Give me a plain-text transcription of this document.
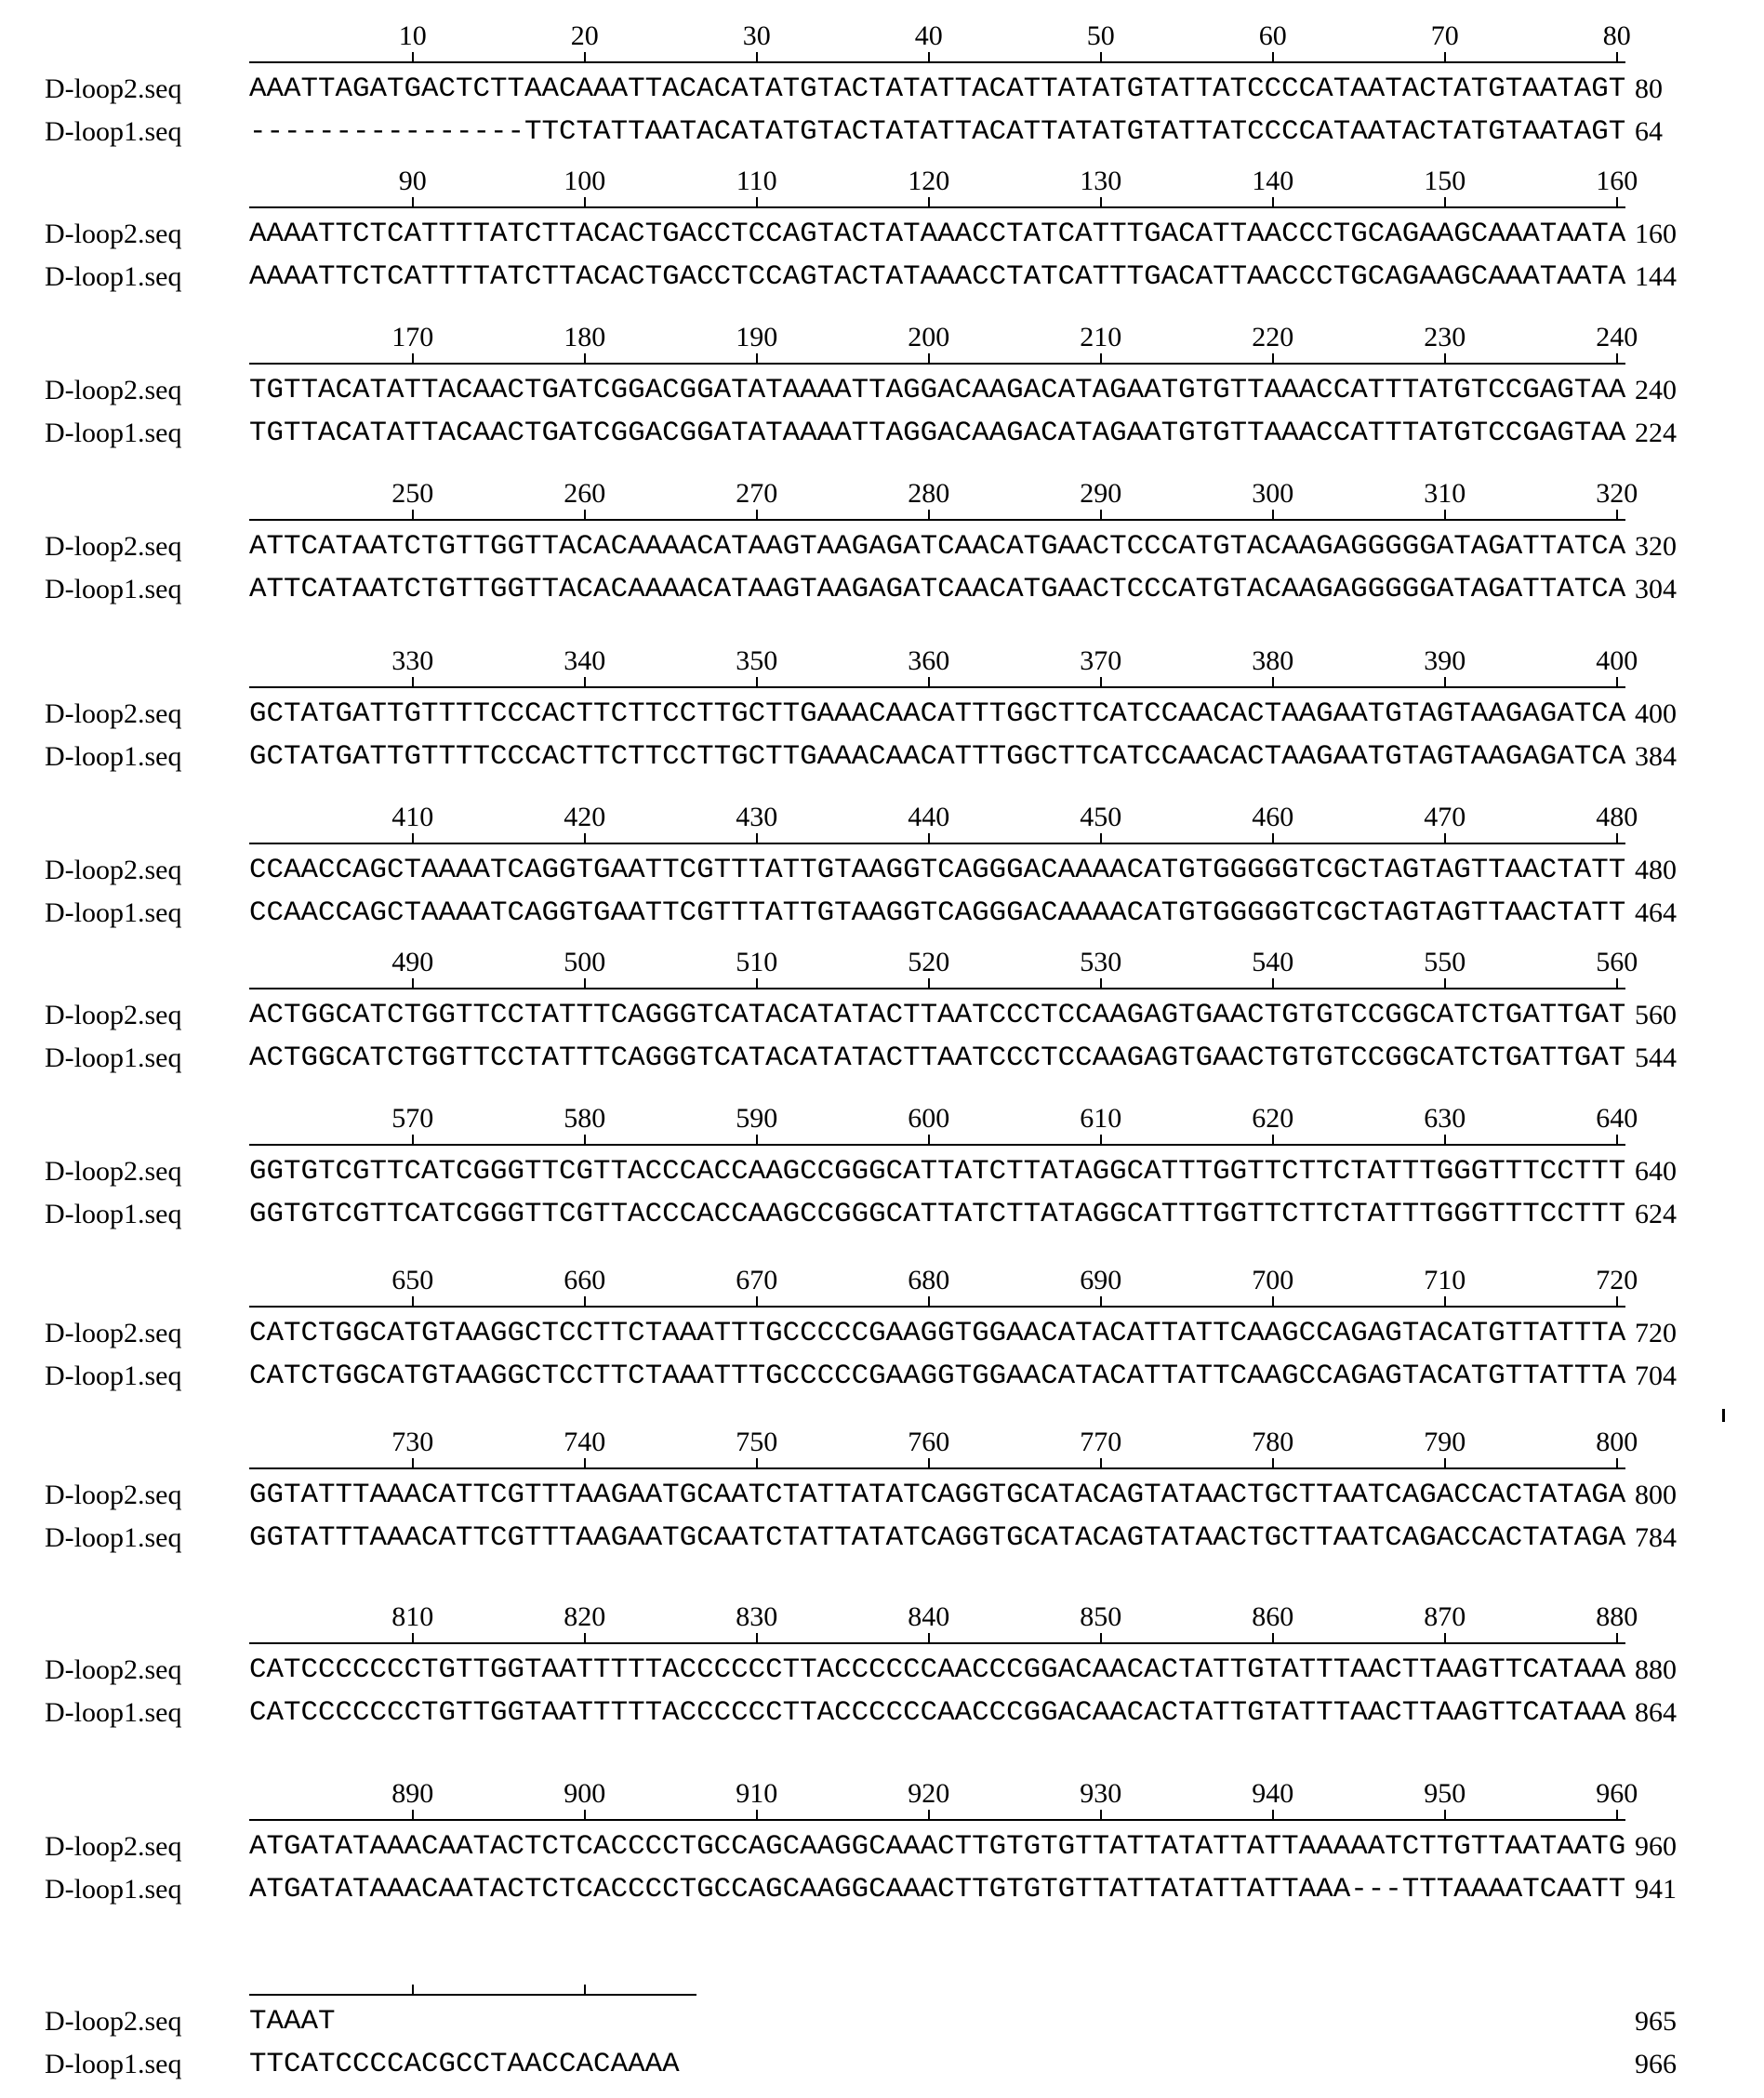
10	20	30	40	50	60	70	80
D-loop2.seq AAATTAGATGACTCTTAACAAATTACACATATGTACTATATTACATTATATGTATTATCCCCATAATACTATGTAATAGT 80
D-loop1.seq ----------------TTCTATTAATACATATGTACTATATTACATTATATGTATTATCCCCATAATACTATGTAATAGT 64
90	100	110	120	130	140	150	160
D-loop2.seq AAAATTCTCATTTTATCTTACACTGACCTCCAGTACTATAAACCTATCATTTGACATTAACCCTGCAGAAGCAAATAATA 160
D-loop1.seq AAAATTCTCATTTTATCTTACACTGACCTCCAGTACTATAAACCTATCATTTGACATTAACCCTGCAGAAGCAAATAATA 144
170	180	190	200	210	220	230	240
D-loop2.seq TGTTACATATTACAACTGATCGGACGGATATAAAATTAGGACAAGACATAGAATGTGTTAAACCATTTATGTCCGAGTAA 240
D-loop1.seq TGTTACATATTACAACTGATCGGACGGATATAAAATTAGGACAAGACATAGAATGTGTTAAACCATTTATGTCCGAGTAA 224
250	260	270	280	290	300	310	320
D-loop2.seq ATTCATAATCTGTTGGTTACACAAAACATAAGTAAGAGATCAACATGAACTCCCATGTACAAGAGGGGGATAGATTATCA 320
D-loop1.seq ATTCATAATCTGTTGGTTACACAAAACATAAGTAAGAGATCAACATGAACTCCCATGTACAAGAGGGGGATAGATTATCA 304
330	340	350	360	370	380	390	400
D-loop2.seq GCTATGATTGTTTTCCCACTTCTTCCTTGCTTGAAACAACATTTGGCTTCATCCAACACTAAGAATGTAGTAAGAGATCA 400
D-loop1.seq GCTATGATTGTTTTCCCACTTCTTCCTTGCTTGAAACAACATTTGGCTTCATCCAACACTAAGAATGTAGTAAGAGATCA 384
410	420	430	440	450	460	470	480
D-loop2.seq CCAACCAGCTAAAATCAGGTGAATTCGTTTATTGTAAGGTCAGGGACAAAACATGTGGGGGTCGCTAGTAGTTAACTATT 480
D-loop1.seq CCAACCAGCTAAAATCAGGTGAATTCGTTTATTGTAAGGTCAGGGACAAAACATGTGGGGGTCGCTAGTAGTTAACTATT 464
490	500	510	520	530	540	550	560
D-loop2.seq ACTGGCATCTGGTTCCTATTTCAGGGTCATACATATACTTAATCCCTCCAAGAGTGAACTGTGTCCGGCATCTGATTGAT 560
D-loop1.seq ACTGGCATCTGGTTCCTATTTCAGGGTCATACATATACTTAATCCCTCCAAGAGTGAACTGTGTCCGGCATCTGATTGAT 544
570	580	590	600	610	620	630	640
D-loop2.seq GGTGTCGTTCATCGGGTTCGTTACCCACCAAGCCGGGCATTATCTTATAGGCATTTGGTTCTTCTATTTGGGTTTCCTTT 640
D-loop1.seq GGTGTCGTTCATCGGGTTCGTTACCCACCAAGCCGGGCATTATCTTATAGGCATTTGGTTCTTCTATTTGGGTTTCCTTT 624
650	660	670	680	690	700	710	720
D-loop2.seq CATCTGGCATGTAAGGCTCCTTCTAAATTTGCCCCCGAAGGTGGAACATACATTATTCAAGCCAGAGTACATGTTATTTA 720
D-loop1.seq CATCTGGCATGTAAGGCTCCTTCTAAATTTGCCCCCGAAGGTGGAACATACATTATTCAAGCCAGAGTACATGTTATTTA 704
730	740	750	760	770	780	790	800
D-loop2.seq GGTATTTAAACATTCGTTTAAGAATGCAATCTATTATATCAGGTGCATACAGTATAACTGCTTAATCAGACCACTATAGA 800
D-loop1.seq GGTATTTAAACATTCGTTTAAGAATGCAATCTATTATATCAGGTGCATACAGTATAACTGCTTAATCAGACCACTATAGA 784
810	820	830	840	850	860	870	880
D-loop2.seq CATCCCCCCCTGTTGGTAATTTTTACCCCCCTTACCCCCCAACCCGGACAACACTATTGTATTTAACTTAAGTTCATAAA 880
D-loop1.seq CATCCCCCCCTGTTGGTAATTTTTACCCCCCTTACCCCCCAACCCGGACAACACTATTGTATTTAACTTAAGTTCATAAA 864
890	900	910	920	930	940	950	960
D-loop2.seq ATGATATAAACAATACTCTCACCCCTGCCAGCAAGGCAAACTTGTGTGTTATTATATTATTAAAAATCTTGTTAATAATG 960
D-loop1.seq ATGATATAAACAATACTCTCACCCCTGCCAGCAAGGCAAACTTGTGTGTTATTATATTATTAAA---TTTAAAATCAATT 941
D-loop2.seq TAAAT	965
D-loop1.seq TTCATCCCCACGCCTAACCACAAAA	966
